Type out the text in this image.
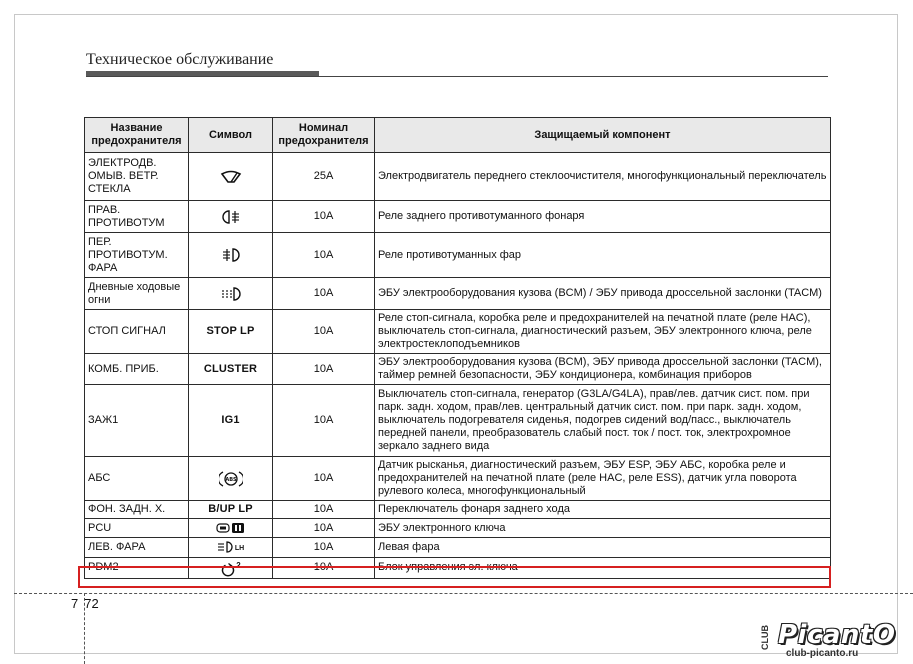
Техническое обслуживание
Название предохранителя	Символ	Номинал предохранителя	Защищаемый компонент
ЭЛЕКТРОДВ. ОМЫВ. ВЕТР. СТЕКЛА		25A	Электродвигатель переднего стеклоочистителя, многофункциональный переключатель
ПРАВ. ПРОТИВОТУМ		10A	Реле заднего противотуманного фонаря
ПЕР. ПРОТИВОТУМ. ФАРА		10A	Реле противотуманных фар
Дневные ходовые огни		10A	ЭБУ электрооборудования кузова (BCM) / ЭБУ привода дроссельной заслонки (TACM)
СТОП СИГНАЛ	STOP LP	10A	Реле стоп-сигнала, коробка реле и предохранителей на печатной плате (реле HAC), выключатель стоп-сигнала, диагностический разъем, ЭБУ электронного ключа, реле электростеклоподъемников
КОМБ. ПРИБ.	CLUSTER	10A	ЭБУ электрооборудования кузова (BCM), ЭБУ привода дроссельной заслонки (TACM), таймер ремней безопасности, ЭБУ кондиционера, комбинация приборов
ЗАЖ1	IG1	10A	Выключатель стоп-сигнала, генератор (G3LA/G4LA), прав/лев. датчик сист. пом. при парк. задн. ходом, прав/лев. центральный датчик сист. пом. при парк. задн. ходом, выключатель подогревателя сиденья, подогрев сидений вод/пасс., выключатель передней панели, преобразователь слабый пост. ток / пост. ток, электрохромное зеркало заднего вида
АБС	ABS	10A	Датчик рысканья, диагностический разъем, ЭБУ ESP, ЭБУ АБС, коробка реле и предохранителей на печатной плате (реле HAC, реле ESS), датчик угла поворота рулевого колеса, многофункциональный
ФОН. ЗАДН. Х.	B/UP LP	10A	Переключатель фонаря заднего хода
PCU		10A	ЭБУ электронного ключа
ЛЕВ. ФАРА	LH	10A	Левая фара
PDM2	$^2$	10A	Блок управления эл. ключа
7 72
CLUB PicantO
club-picanto.ru
